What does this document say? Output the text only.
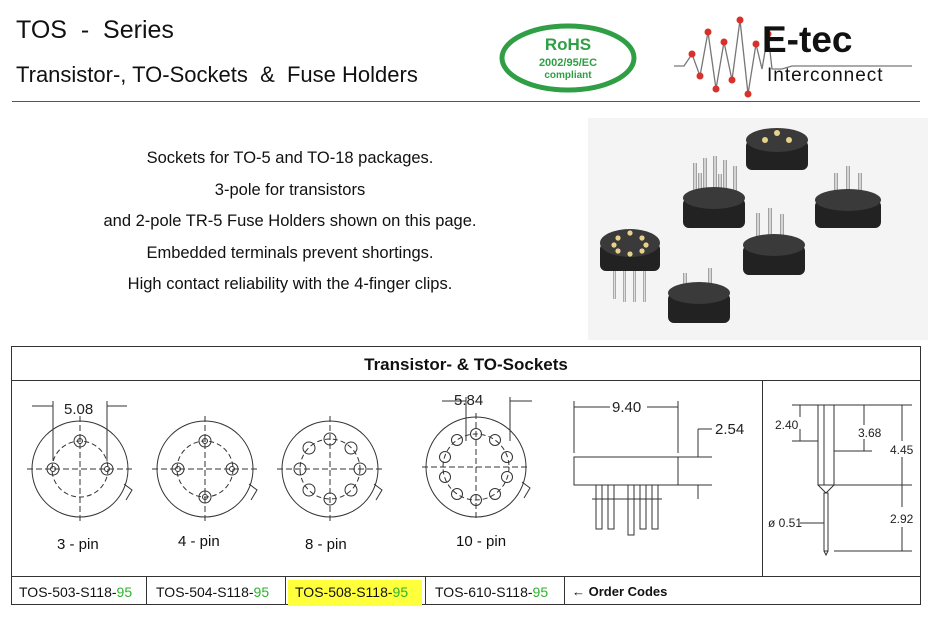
TOS  -  Series
Transistor-, TO-Sockets  &  Fuse Holders
RoHS
2002/95/EC
compliant
E-tec
Interconnect
Sockets for TO-5 and TO-18 packages.
3-pole for transistors
and 2-pole TR-5 Fuse Holders shown on this page.
Embedded terminals prevent shortings.
High contact reliability with the 4-finger clips.
Transistor- & TO-Sockets
5.08
5.84	9.40
2.54	2.40
3.68
4.45
ø 0.51	2.92
3 - pin	4 - pin	8 - pin	10 - pin
TOS-503-S118-95 TOS-504-S118-95	TOS-508-S118-95	TOS-610-S118-95 ← Order Codes
